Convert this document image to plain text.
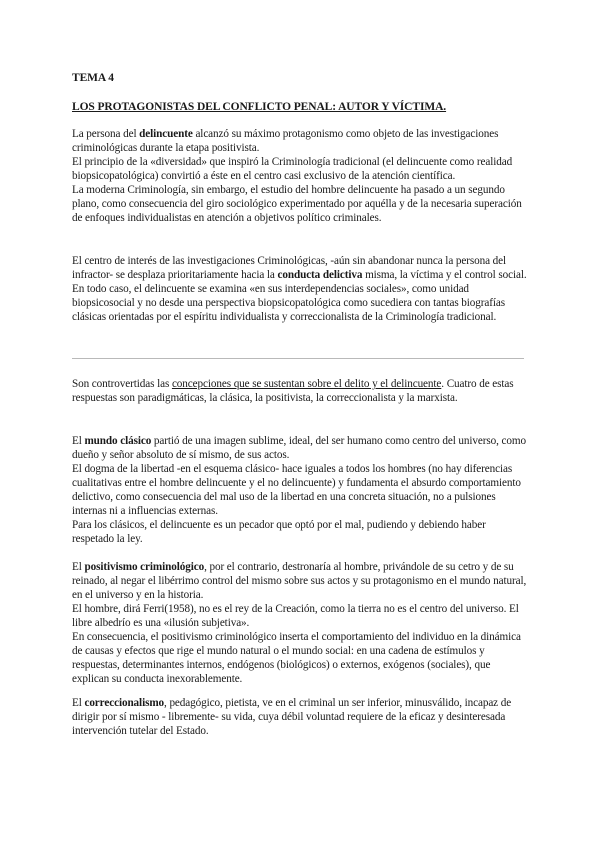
TEMA 4
LOS PROTAGONISTAS DEL CONFLICTO PENAL: AUTOR Y VÍCTIMA.

La persona del delincuente alcanzó su máximo protagonismo como objeto de las investigaciones criminológicas durante la etapa positivista.

El principio de la «diversidad» que inspiró la Criminología tradicional (el delincuente como realidad biopsicopatológica) convirtió a éste en el centro casi exclusivo de la atención científica.

La moderna Criminología, sin embargo, el estudio del hombre delincuente ha pasado a un segundo plano, como consecuencia del giro sociológico experimentado por aquélla y de la necesaria superación de enfoques individualistas en atención a objetivos político criminales.

El centro de interés de las investigaciones Criminológicas, -aún sin abandonar nunca la persona del infractor- se desplaza prioritariamente hacia la conducta delictiva misma, la víctima y el control social.

En todo caso, el delincuente se examina «en sus interdependencias sociales», como unidad biopsicosocial y no desde una perspectiva biopsicopatológica como sucediera con tantas biografías clásicas orientadas por el espíritu individualista y correccionalista de la Criminología tradicional.

Son controvertidas las concepciones que se sustentan sobre el delito y el delincuente. Cuatro de estas respuestas son paradigmáticas, la clásica, la positivista, la correccionalista y la marxista.

El mundo clásico partió de una imagen sublime, ideal, del ser humano como centro del universo, como dueño y señor absoluto de sí mismo, de sus actos.

El dogma de la libertad -en el esquema clásico- hace iguales a todos los hombres (no hay diferencias cualitativas entre el hombre delincuente y el no delincuente) y fundamenta el absurdo comportamiento delictivo, como consecuencia del mal uso de la libertad en una concreta situación, no a pulsiones internas ni a influencias externas.

Para los clásicos, el delincuente es un pecador que optó por el mal, pudiendo y debiendo haber respetado la ley.

El positivismo criminológico, por el contrario, destronaría al hombre, privándole de su cetro y de su reinado, al negar el libérrimo control del mismo sobre sus actos y su protagonismo en el mundo natural, en el universo y en la historia.

El hombre, dirá Ferri(1958), no es el rey de la Creación, como la tierra no es el centro del universo. El libre albedrío es una «ilusión subjetiva».

En consecuencia, el positivismo criminológico inserta el comportamiento del individuo en la dinámica de causas y efectos que rige el mundo natural o el mundo social: en una cadena de estímulos y respuestas, determinantes internos, endógenos (biológicos) o externos, exógenos (sociales), que explican su conducta inexorablemente.

El correccionalismo, pedagógico, pietista, ve en el criminal un ser inferior, minusválido, incapaz de dirigir por sí mismo - libremente- su vida, cuya débil voluntad requiere de la eficaz y desinteresada intervención tutelar del Estado.
